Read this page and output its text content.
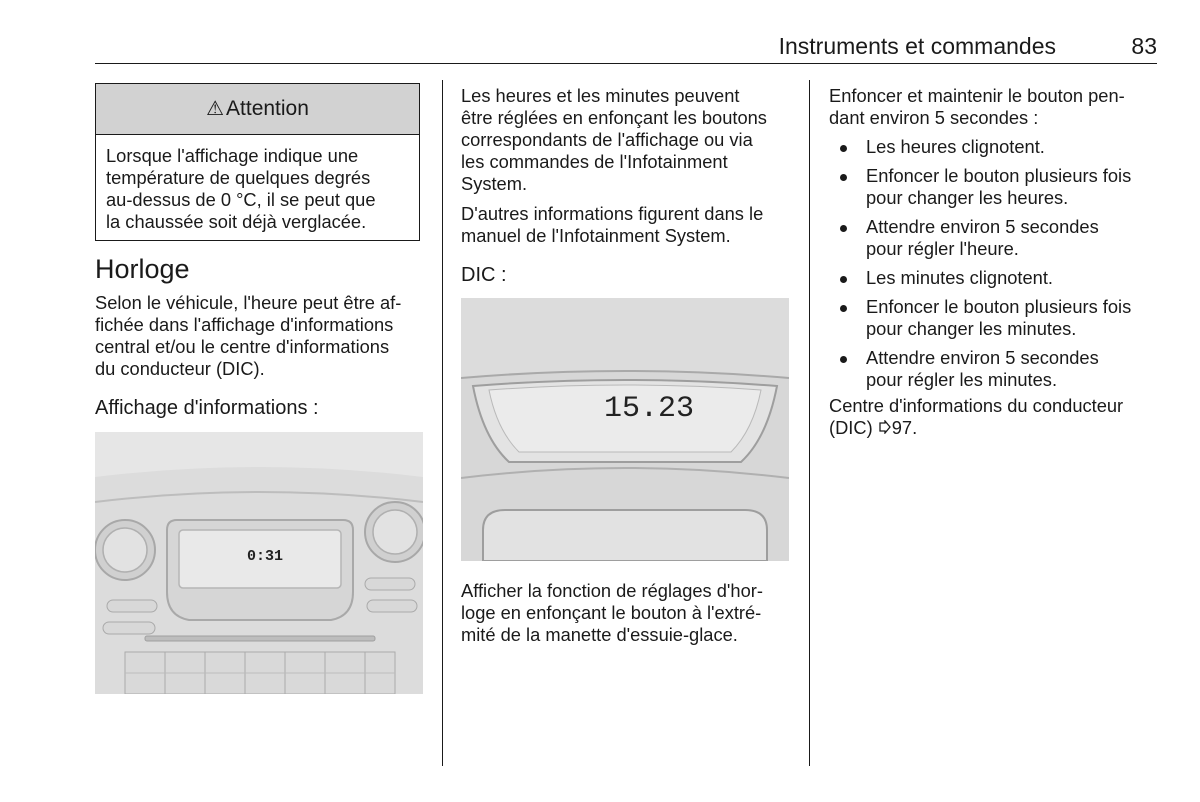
Instruments et commandes	83
⚠Attention
Lorsque l'affichage indique une
température de quelques degrés
au-dessus de 0 °C, il se peut que
la chaussée soit déjà verglacée.
Horloge
Selon le véhicule, l'heure peut être af-
fichée dans l'affichage d'informations
central et/ou le centre d'informations
du conducteur (DIC).
Affichage d'informations :
0:31
Les heures et les minutes peuvent
être réglées en enfonçant les boutons
correspondants de l'affichage ou via
les commandes de l'Infotainment
System.
D'autres informations figurent dans le
manuel de l'Infotainment System.
DIC :
15.23
Afficher la fonction de réglages d'hor-
loge en enfonçant le bouton à l'extré-
mité de la manette d'essuie-glace.
Enfoncer et maintenir le bouton pen-
dant environ 5 secondes :
Les heures clignotent.
Enfoncer le bouton plusieurs fois
pour changer les heures.
Attendre environ 5 secondes
pour régler l'heure.
Les minutes clignotent.
Enfoncer le bouton plusieurs fois
pour changer les minutes.
Attendre environ 5 secondes
pour régler les minutes.
Centre d'informations du conducteur
(DIC) 97.
